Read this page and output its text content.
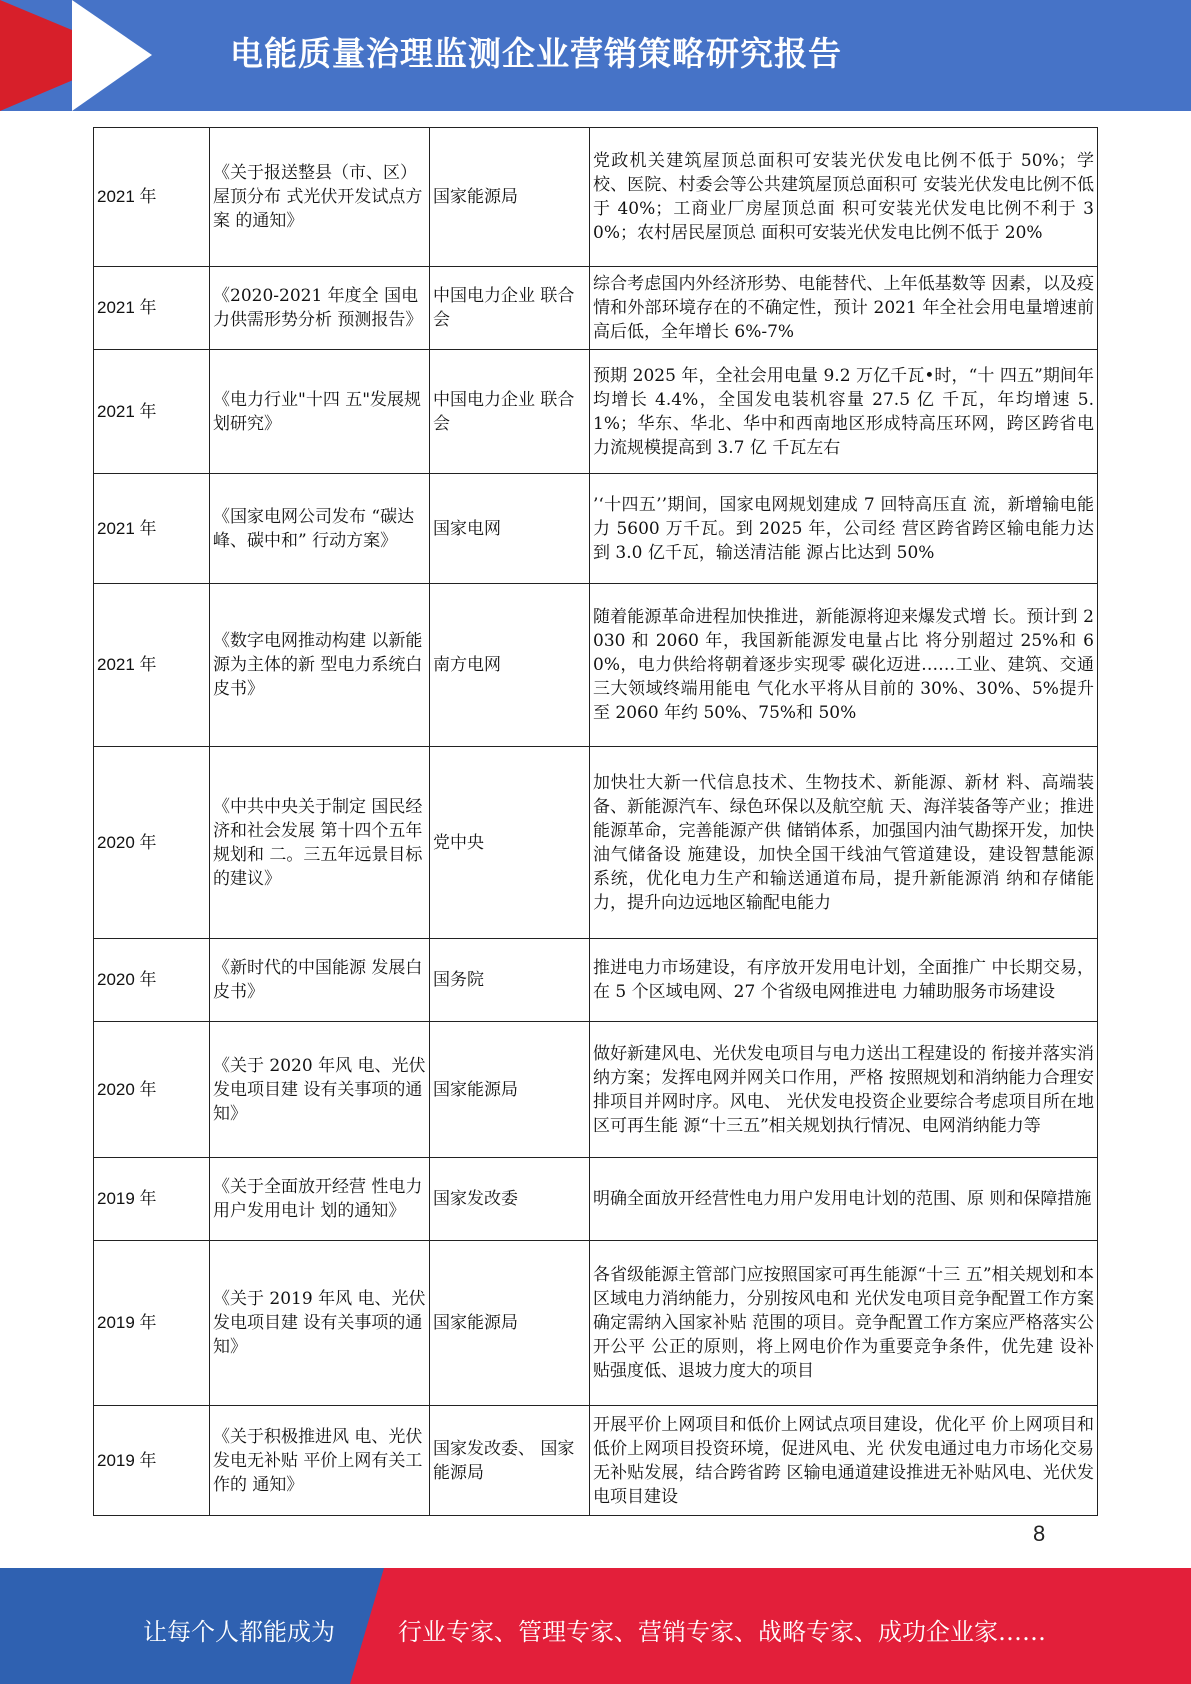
电能质量治理监测企业营销策略研究报告
2021 年	《关于报送整县（市、区）屋顶分布 式光伏开发试点方案 的通知》	国家能源局	党政机关建筑屋顶总面积可安装光伏发电比例不低于 50%；学校、医院、村委会等公共建筑屋顶总面积可 安装光伏发电比例不低于 40%；工商业厂房屋顶总面 积可安装光伏发电比例不利于 30%；农村居民屋顶总 面积可安装光伏发电比例不低于 20%
2021 年	《2020-2021 年度全 国电力供需形势分析 预测报告》	中国电力企业 联合会	综合考虑国内外经济形势、电能替代、上年低基数等 因素，以及疫情和外部环境存在的不确定性，预计 2021 年全社会用电量增速前高后低，全年增长 6%-7%
2021 年	《电力行业"十四 五"发展规划研究》	中国电力企业 联合会	预期 2025 年，全社会用电量 9.2 万亿千瓦•时，“十 四五”期间年均增长 4.4%，全国发电装机容量 27.5 亿 千瓦，年均增速 5.1%；华东、华北、华中和西南地区形成特高压环网，跨区跨省电力流规模提高到 3.7 亿 千瓦左右
2021 年	《国家电网公司发布 “碳达峰、碳中和” 行动方案》	国家电网	’‘十四五’’期间，国家电网规划建成 7 回特高压直 流，新增输电能力 5600 万千瓦。到 2025 年，公司经 营区跨省跨区输电能力达到 3.0 亿千瓦，输送清洁能 源占比达到 50%
2021 年	《数字电网推动构建 以新能源为主体的新 型电力系统白皮书》	南方电网	随着能源革命进程加快推进，新能源将迎来爆发式增 长。预计到 2030 和 2060 年，我国新能源发电量占比 将分别超过 25%和 60%，电力供给将朝着逐步实现零 碳化迈进……工业、建筑、交通三大领域终端用能电 气化水平将从目前的 30%、30%、5%提升至 2060 年约 50%、75%和 50%
2020 年	《中共中央关于制定 国民经济和社会发展 第十四个五年规划和 二。三五年远景目标 的建议》	党中央	加快壮大新一代信息技术、生物技术、新能源、新材 料、高端装备、新能源汽车、绿色环保以及航空航 天、海洋装备等产业；推进能源革命，完善能源产供 储销体系，加强国内油气勘探开发，加快油气储备设 施建设，加快全国干线油气管道建设，建设智慧能源 系统，优化电力生产和输送通道布局，提升新能源消 纳和存储能力，提升向边远地区输配电能力
2020 年	《新时代的中国能源 发展白皮书》	国务院	推进电力市场建设，有序放开发用电计划，全面推广 中长期交易，在 5 个区域电网、27 个省级电网推进电 力辅助服务市场建设
2020 年	《关于 2020 年风 电、光伏发电项目建 设有关事项的通知》	国家能源局	做好新建风电、光伏发电项目与电力送出工程建设的 衔接并落实消纳方案；发挥电网并网关口作用，严格 按照规划和消纳能力合理安排项目并网时序。风电、 光伏发电投资企业要综合考虑项目所在地区可再生能 源“十三五”相关规划执行情况、电网消纳能力等
2019 年	《关于全面放开经营 性电力用户发用电计 划的通知》	国家发改委	明确全面放开经营性电力用户发用电计划的范围、原 则和保障措施
2019 年	《关于 2019 年风 电、光伏发电项目建 设有关事项的通知》	国家能源局	各省级能源主管部门应按照国家可再生能源“十三 五”相关规划和本区域电力消纳能力，分别按风电和 光伏发电项目竞争配置工作方案确定需纳入国家补贴 范围的项目。竞争配置工作方案应严格落实公开公平 公正的原则，将上网电价作为重要竞争条件，优先建 设补贴强度低、退坡力度大的项目
2019 年	《关于积极推进风 电、光伏发电无补贴 平价上网有关工作的 通知》	国家发改委、 国家能源局	开展平价上网项目和低价上网试点项目建设，优化平 价上网项目和低价上网项目投资环境，促进风电、光 伏发电通过电力市场化交易无补贴发展，结合跨省跨 区输电通道建设推进无补贴风电、光伏发电项目建设
8
让每个人都能成为	行业专家、管理专家、营销专家、战略专家、成功企业家……
